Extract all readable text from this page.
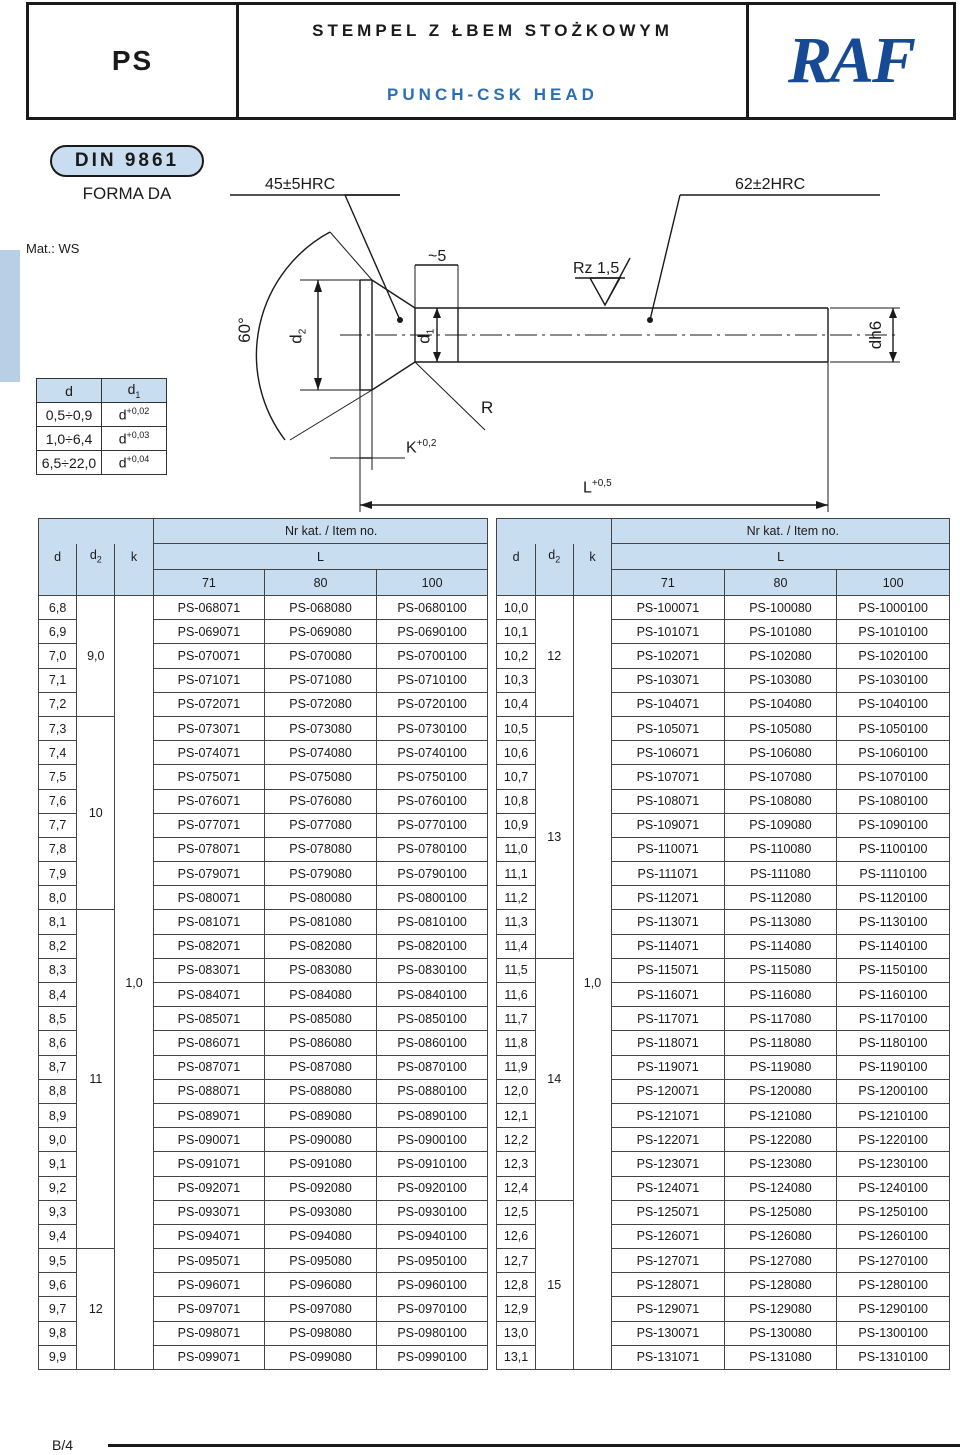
PS
STEMPEL Z ŁBEM STOŻKOWYM
PUNCH-CSK HEAD	RAF
DIN 9861
FORMA DA
Mat.: WS
d	$d_1$
0,5÷0,9	$d^{+0,02}$
1,0÷6,4	$d^{+0,03}$
6,5÷22,0	$d^{+0,04}$
45±5HRC	62±2HRC
60° $d_2$
$d_1$
~5
Rz 1,5
dh6
R
$K^{+0,2}$
$L^{+0,5}$
			Nr kat. / Item no.							Nr kat. / Item no.		
d	$d_2$	k	L				d	$d_2$	k	L		
			71	80	100					71	80	100
6,8	9,0	1,0	PS-068071	PS-068080	PS-0680100		10,0	12	1,0	PS-100071	PS-100080	PS-1000100
6,9			PS-069071	PS-069080	PS-0690100		10,1			PS-101071	PS-101080	PS-1010100
7,0			PS-070071	PS-070080	PS-0700100		10,2			PS-102071	PS-102080	PS-1020100
7,1			PS-071071	PS-071080	PS-0710100		10,3			PS-103071	PS-103080	PS-1030100
7,2			PS-072071	PS-072080	PS-0720100		10,4			PS-104071	PS-104080	PS-1040100
7,3	10		PS-073071	PS-073080	PS-0730100		10,5	13		PS-105071	PS-105080	PS-1050100
7,4			PS-074071	PS-074080	PS-0740100		10,6			PS-106071	PS-106080	PS-1060100
7,5			PS-075071	PS-075080	PS-0750100		10,7			PS-107071	PS-107080	PS-1070100
7,6			PS-076071	PS-076080	PS-0760100		10,8			PS-108071	PS-108080	PS-1080100
7,7			PS-077071	PS-077080	PS-0770100		10,9			PS-109071	PS-109080	PS-1090100
7,8			PS-078071	PS-078080	PS-0780100		11,0			PS-110071	PS-110080	PS-1100100
7,9			PS-079071	PS-079080	PS-0790100		11,1			PS-111071	PS-111080	PS-1110100
8,0			PS-080071	PS-080080	PS-0800100		11,2			PS-112071	PS-112080	PS-1120100
8,1	11		PS-081071	PS-081080	PS-0810100		11,3			PS-113071	PS-113080	PS-1130100
8,2			PS-082071	PS-082080	PS-0820100		11,4			PS-114071	PS-114080	PS-1140100
8,3			PS-083071	PS-083080	PS-0830100		11,5	14		PS-115071	PS-115080	PS-1150100
8,4			PS-084071	PS-084080	PS-0840100		11,6			PS-116071	PS-116080	PS-1160100
8,5			PS-085071	PS-085080	PS-0850100		11,7			PS-117071	PS-117080	PS-1170100
8,6			PS-086071	PS-086080	PS-0860100		11,8			PS-118071	PS-118080	PS-1180100
8,7			PS-087071	PS-087080	PS-0870100		11,9			PS-119071	PS-119080	PS-1190100
8,8			PS-088071	PS-088080	PS-0880100		12,0			PS-120071	PS-120080	PS-1200100
8,9			PS-089071	PS-089080	PS-0890100		12,1			PS-121071	PS-121080	PS-1210100
9,0			PS-090071	PS-090080	PS-0900100		12,2			PS-122071	PS-122080	PS-1220100
9,1			PS-091071	PS-091080	PS-0910100		12,3			PS-123071	PS-123080	PS-1230100
9,2			PS-092071	PS-092080	PS-0920100		12,4			PS-124071	PS-124080	PS-1240100
9,3			PS-093071	PS-093080	PS-0930100		12,5	15		PS-125071	PS-125080	PS-1250100
9,4			PS-094071	PS-094080	PS-0940100		12,6			PS-126071	PS-126080	PS-1260100
9,5	12		PS-095071	PS-095080	PS-0950100		12,7			PS-127071	PS-127080	PS-1270100
9,6			PS-096071	PS-096080	PS-0960100		12,8			PS-128071	PS-128080	PS-1280100
9,7			PS-097071	PS-097080	PS-0970100		12,9			PS-129071	PS-129080	PS-1290100
9,8			PS-098071	PS-098080	PS-0980100		13,0			PS-130071	PS-130080	PS-1300100
9,9			PS-099071	PS-099080	PS-0990100		13,1			PS-131071	PS-131080	PS-1310100
B/4
